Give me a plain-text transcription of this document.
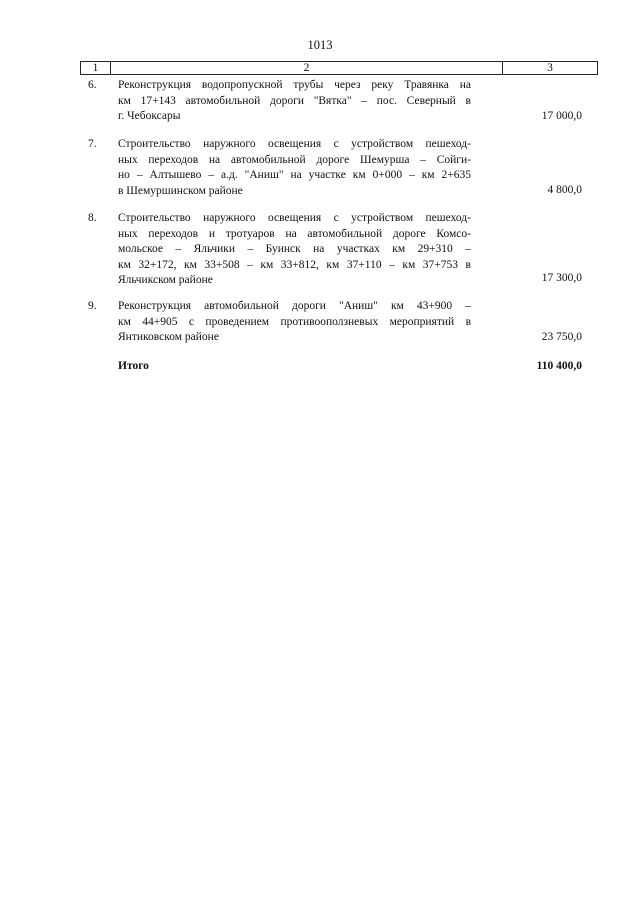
1013
1	2	3
6. Реконструкция водопропускной трубы через реку Травянка на
км 17+143 автомобильной дороги "Вятка" – пос. Северный в
г. Чебоксары	17 000,0
7. Строительство наружного освещения с устройством пешеход-
ных переходов на автомобильной дороге Шемурша – Сойги-
но – Алтышево – а.д. "Аниш" на участке км 0+000 – км 2+635
в Шемуршинском районе	4 800,0
8. Строительство наружного освещения с устройством пешеход-
ных переходов и тротуаров на автомобильной дороге Комсо-
мольское – Яльчики – Буинск на участках км 29+310 –
км 32+172, км 33+508 – км 33+812, км 37+110 – км 37+753 в
Яльчикском районе	17 300,0
9. Реконструкция автомобильной дороги "Аниш" км 43+900 –
км 44+905 с проведением противооползневых мероприятий в
Янтиковском районе	23 750,0
Итого	110 400,0
